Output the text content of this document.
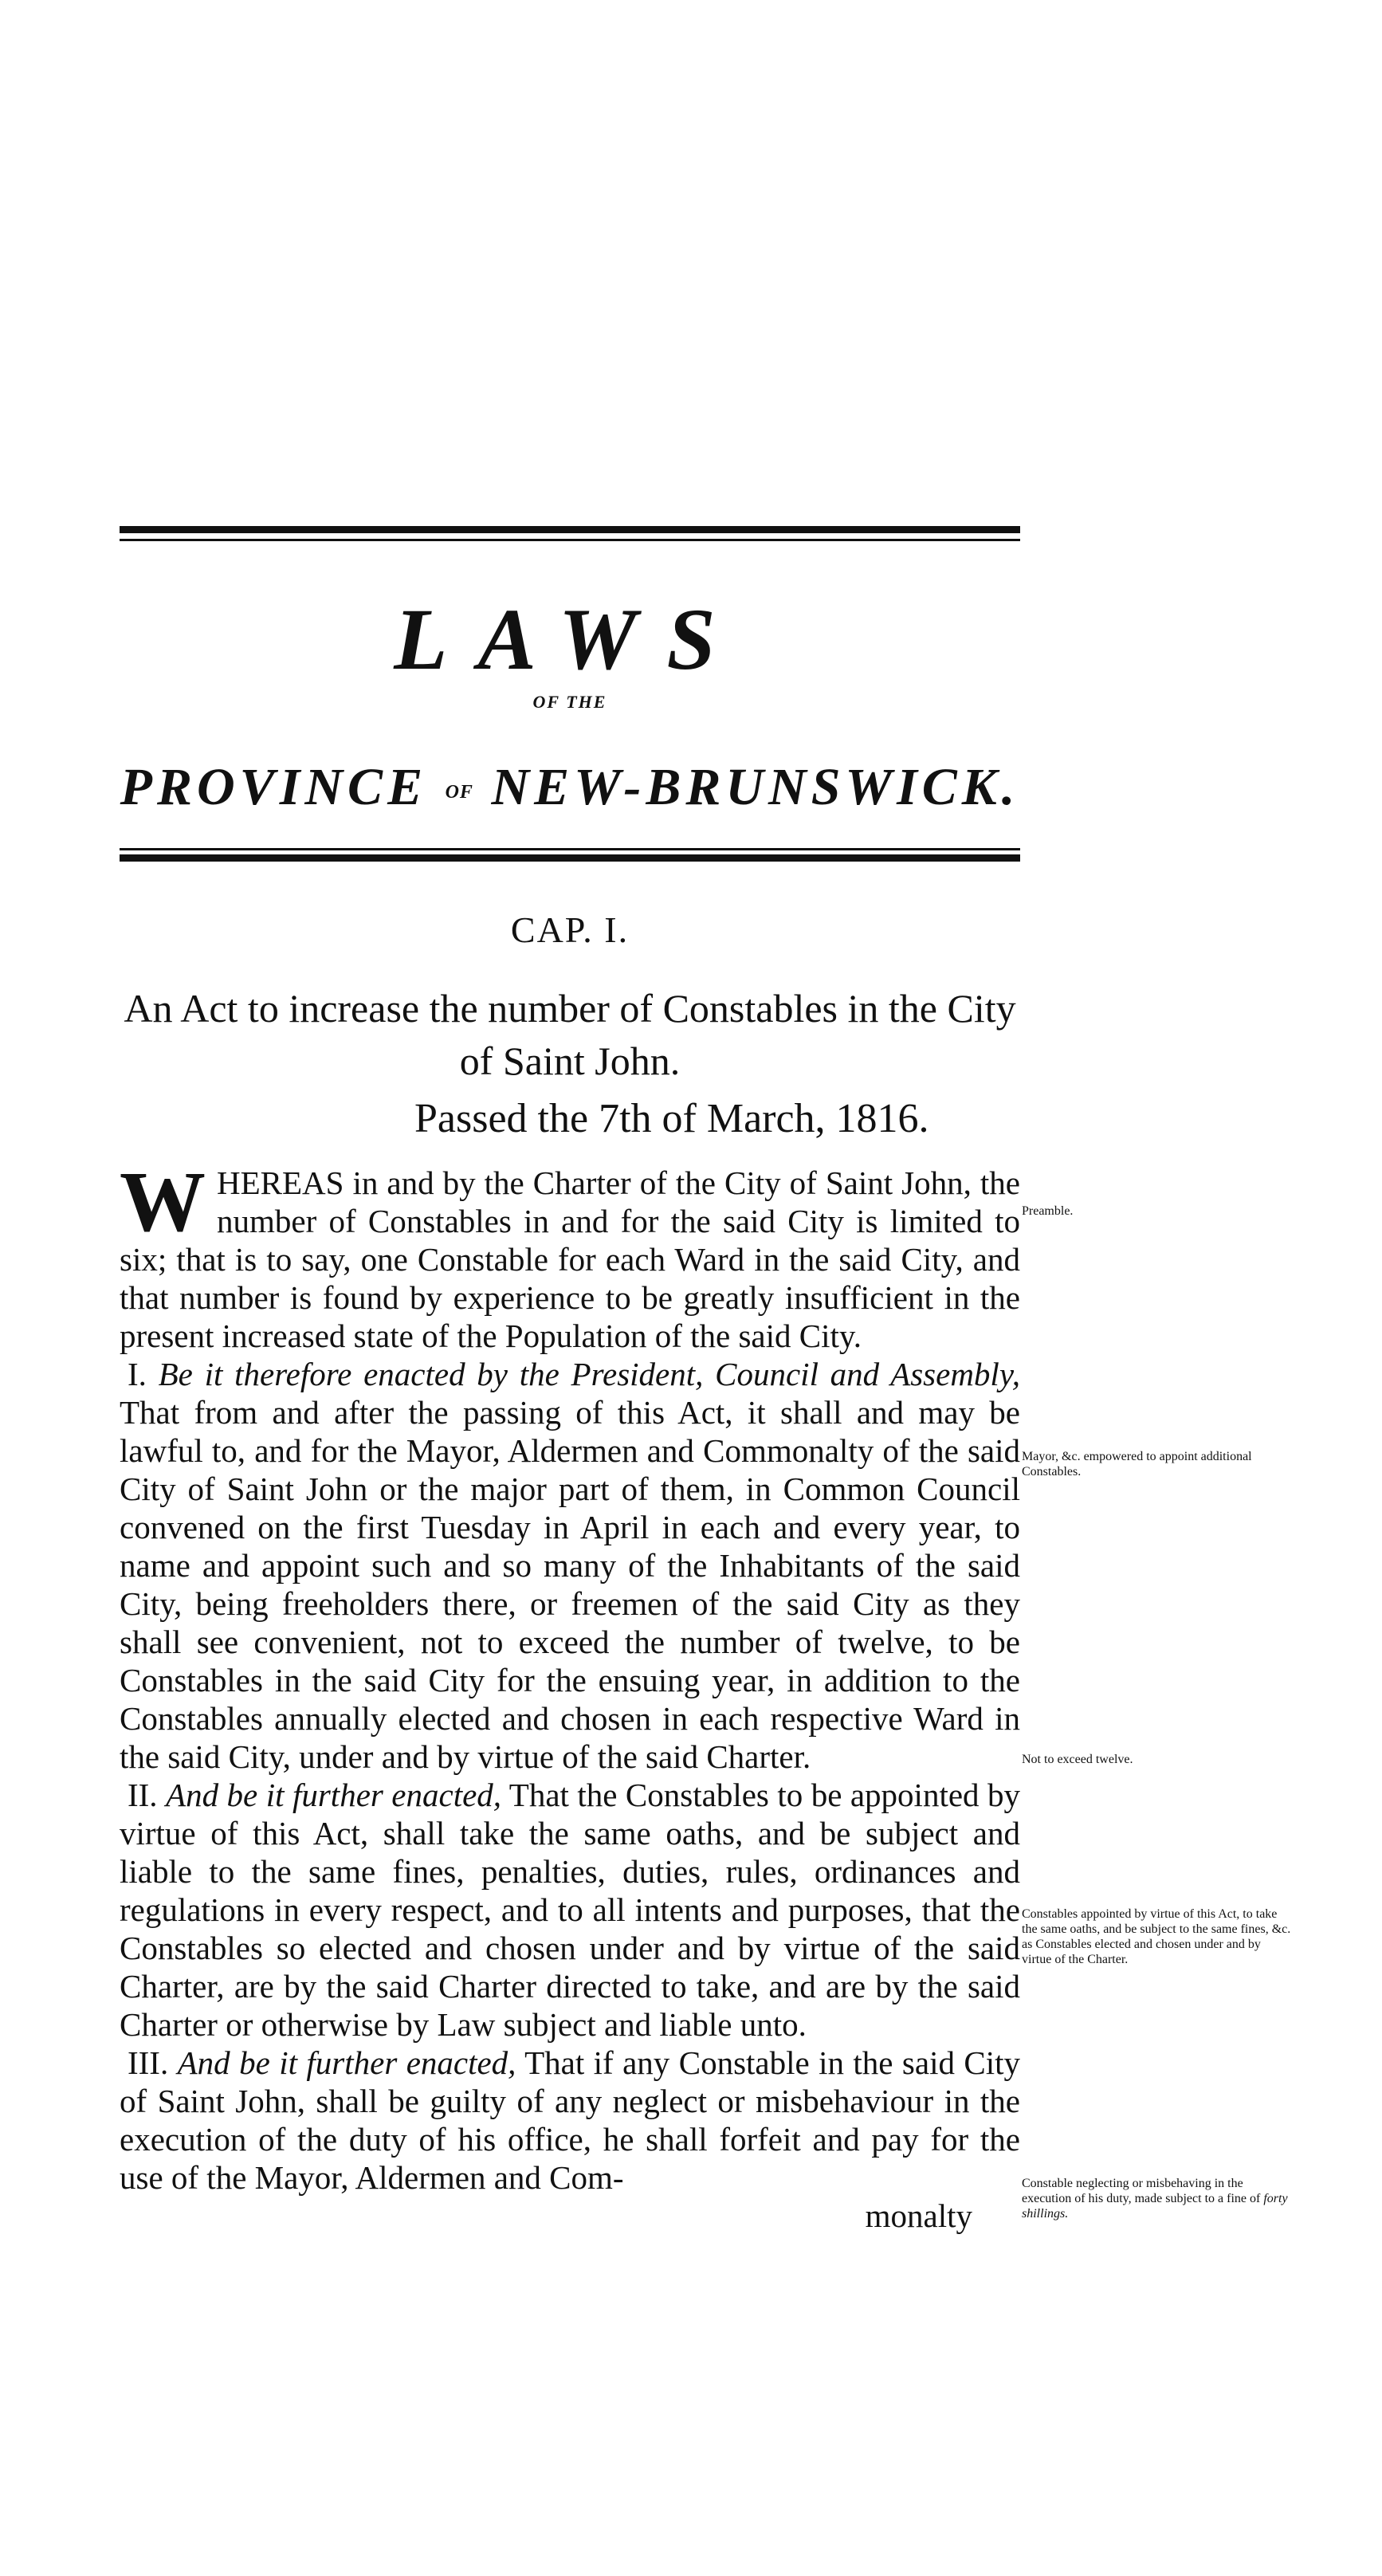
LAWS
OF THE
PROVINCE OF NEW-BRUNSWICK.
CAP. I.
An Act to increase the number of Constables in the City of Saint John.
Passed the 7th of March, 1816.

WHEREAS in and by the Charter of the City of Saint John, the number of Constables in and for the said City is limited to six; that is to say, one Constable for each Ward in the said City, and that number is found by experience to be greatly insufficient in the present increased state of the Population of the said City.

I. Be it therefore enacted by the President, Council and Assembly, That from and after the passing of this Act, it shall and may be lawful to, and for the Mayor, Aldermen and Commonalty of the said City of Saint John or the major part of them, in Common Council convened on the first Tuesday in April in each and every year, to name and appoint such and so many of the Inhabitants of the said City, being freeholders there, or freemen of the said City as they shall see convenient, not to exceed the number of twelve, to be Constables in the said City for the ensuing year, in addition to the Constables annually elected and chosen in each respective Ward in the said City, under and by virtue of the said Charter.

II. And be it further enacted, That the Constables to be appointed by virtue of this Act, shall take the same oaths, and be subject and liable to the same fines, penalties, duties, rules, ordinances and regulations in every respect, and to all intents and purposes, that the Constables so elected and chosen under and by virtue of the said Charter, are by the said Charter directed to take, and are by the said Charter or otherwise by Law subject and liable unto.

III. And be it further enacted, That if any Constable in the said City of Saint John, shall be guilty of any neglect or misbehaviour in the execution of the duty of his office, he shall forfeit and pay for the use of the Mayor, Aldermen and Com-

monalty

Preamble.
Mayor, &c. empowered to appoint additional Constables.
Not to exceed twelve.
Constables appointed by virtue of this Act, to take the same oaths, and be subject to the same fines, &c. as Constables elected and chosen under and by virtue of the Charter.
Constable neglecting or misbehaving in the execution of his duty, made subject to a fine of forty shillings.
